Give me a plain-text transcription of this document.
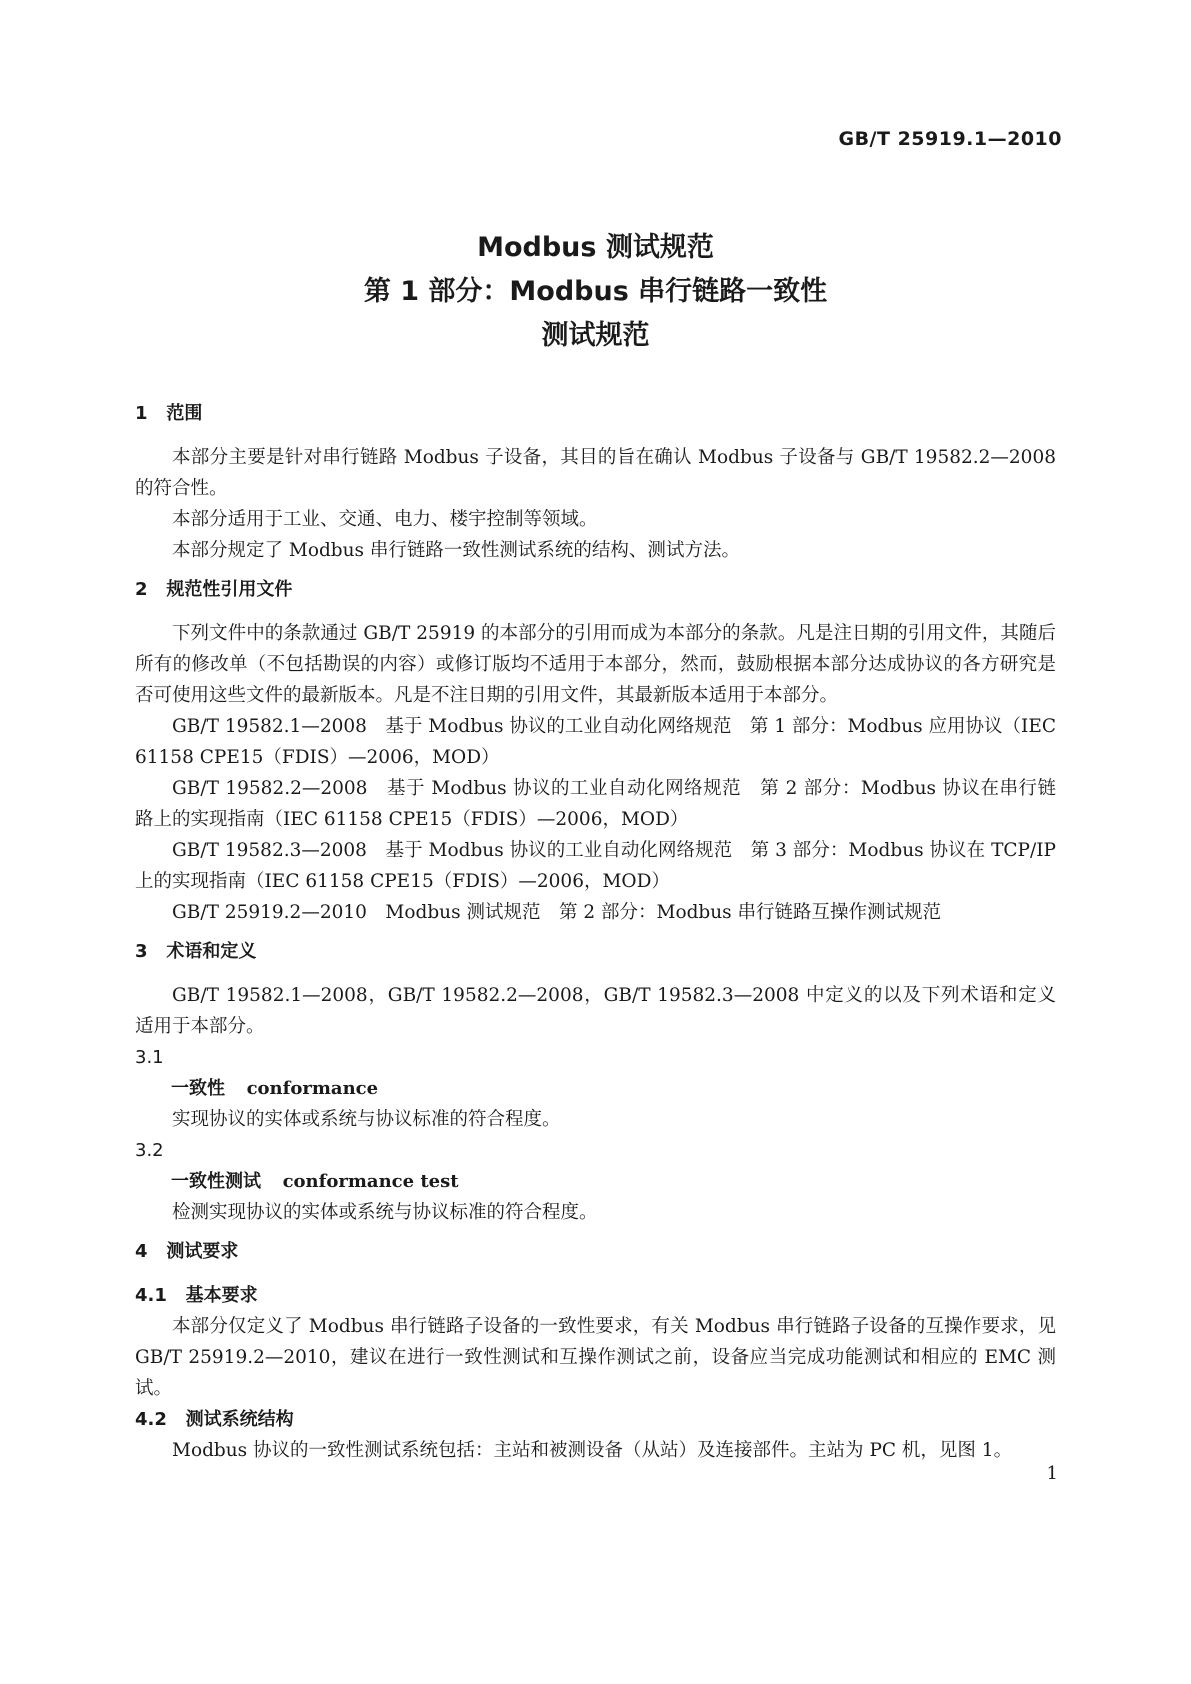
GB/T 25919.1—2010
Modbus 测试规范
第 1 部分：Modbus 串行链路一致性
测试规范
1   范围

本部分主要是针对串行链路 Modbus 子设备，其目的旨在确认 Modbus 子设备与 GB/T 19582.2—2008 的符合性。

本部分适用于工业、交通、电力、楼宇控制等领域。

本部分规定了 Modbus 串行链路一致性测试系统的结构、测试方法。

2   规范性引用文件

下列文件中的条款通过 GB/T 25919 的本部分的引用而成为本部分的条款。凡是注日期的引用文件，其随后所有的修改单（不包括勘误的内容）或修订版均不适用于本部分，然而，鼓励根据本部分达成协议的各方研究是否可使用这些文件的最新版本。凡是不注日期的引用文件，其最新版本适用于本部分。

GB/T 19582.1—2008　基于 Modbus 协议的工业自动化网络规范　第 1 部分：Modbus 应用协议（IEC 61158 CPE15（FDIS）—2006，MOD）

GB/T 19582.2—2008　基于 Modbus 协议的工业自动化网络规范　第 2 部分：Modbus 协议在串行链路上的实现指南（IEC 61158 CPE15（FDIS）—2006，MOD）

GB/T 19582.3—2008　基于 Modbus 协议的工业自动化网络规范　第 3 部分：Modbus 协议在 TCP/IP 上的实现指南（IEC 61158 CPE15（FDIS）—2006，MOD）

GB/T 25919.2—2010　Modbus 测试规范　第 2 部分：Modbus 串行链路互操作测试规范

3   术语和定义

GB/T 19582.1—2008，GB/T 19582.2—2008，GB/T 19582.3—2008 中定义的以及下列术语和定义适用于本部分。

3.1
一致性 conformance
实现协议的实体或系统与协议标准的符合程度。
3.2
一致性测试 conformance test
检测实现协议的实体或系统与协议标准的符合程度。
4   测试要求
4.1   基本要求

本部分仅定义了 Modbus 串行链路子设备的一致性要求，有关 Modbus 串行链路子设备的互操作要求，见 GB/T 25919.2—2010，建议在进行一致性测试和互操作测试之前，设备应当完成功能测试和相应的 EMC 测试。

4.2   测试系统结构

Modbus 协议的一致性测试系统包括：主站和被测设备（从站）及连接部件。主站为 PC 机，见图 1。

1
